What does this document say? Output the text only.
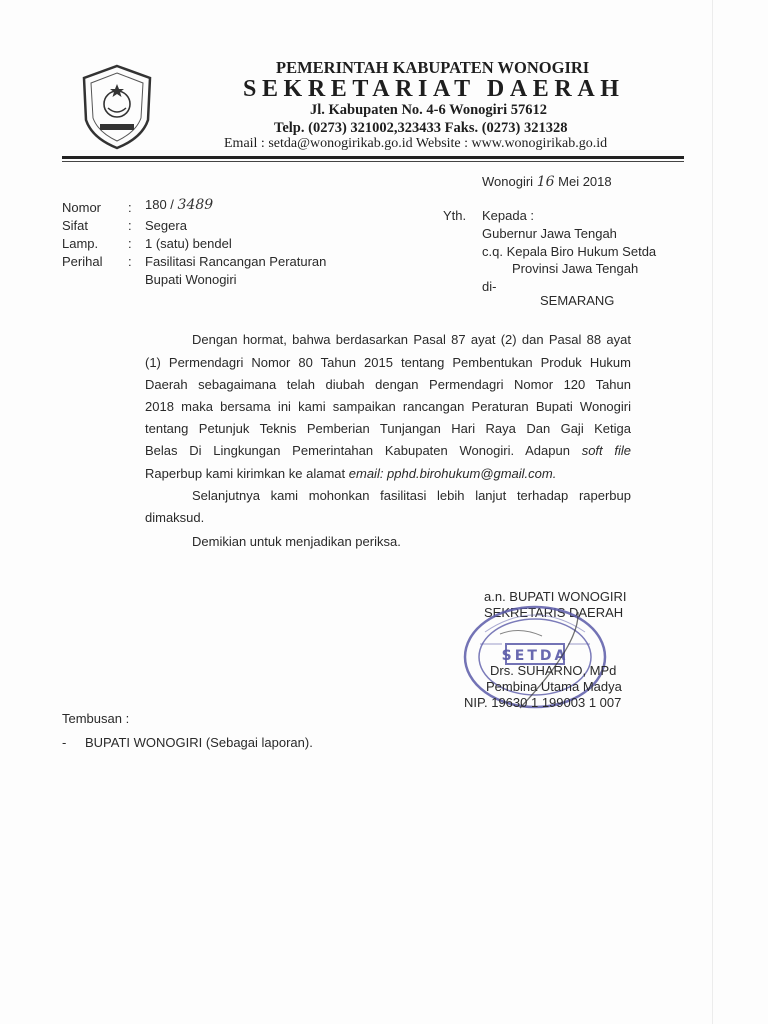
PEMERINTAH KABUPATEN WONOGIRI
SEKRETARIAT DAERAH
Jl. Kabupaten No. 4-6 Wonogiri 57612
Telp. (0273) 321002,323433 Faks. (0273) 321328
Email : setda@wonogirikab.go.id Website : www.wonogirikab.go.id
Wonogiri 16 Mei 2018
Nomor : 180 / 3489
Sifat	: Segera
Lamp. : 1 (satu) bendel
Perihal : Fasilitasi Rancangan Peraturan
Bupati Wonogiri
Yth. Kepada :
Gubernur Jawa Tengah
c.q. Kepala Biro Hukum Setda
Provinsi Jawa Tengah
di-
SEMARANG
Dengan hormat, bahwa berdasarkan Pasal 87 ayat (2) dan Pasal 88 ayat
(1) Permendagri Nomor 80 Tahun 2015 tentang Pembentukan Produk Hukum
Daerah sebagaimana telah diubah dengan Permendagri Nomor 120 Tahun
2018 maka bersama ini kami sampaikan rancangan Peraturan Bupati Wonogiri
tentang Petunjuk Teknis Pemberian Tunjangan Hari Raya Dan Gaji Ketiga
Belas Di Lingkungan Pemerintahan Kabupaten Wonogiri. Adapun soft file
Raperbup kami kirimkan ke alamat email: pphd.birohukum@gmail.com.
Selanjutnya kami mohonkan fasilitasi lebih lanjut terhadap raperbup
dimaksud.
Demikian untuk menjadikan periksa.
a.n. BUPATI WONOGIRI
SEKRETARIS DAERAH
SETDA
Drs. SUHARNO, MPd
Pembina Utama Madya
NIP. 19630 1 199003 1 007
Tembusan :
- BUPATI WONOGIRI (Sebagai laporan).
